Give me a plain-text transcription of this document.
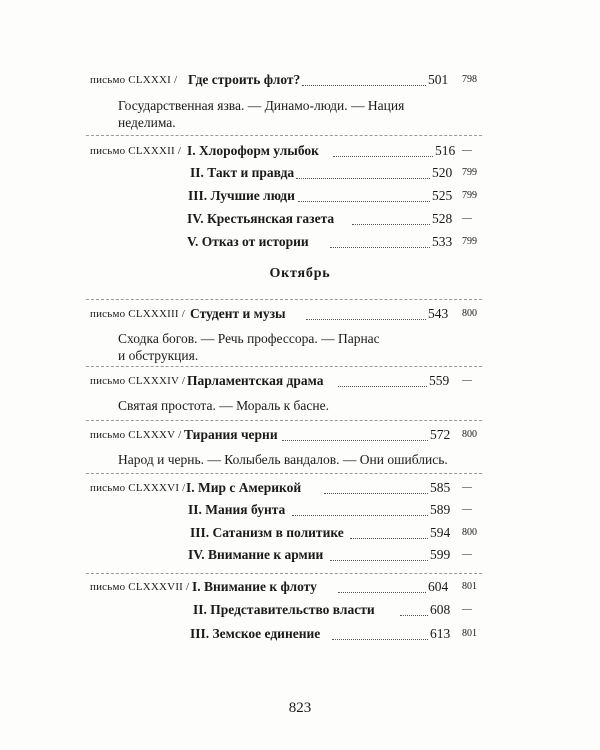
письмо CLXXXI / Где строить флот?	501 798
Государственная язва. — Динамо-люди. — Нация
неделима.
письмо CLXXXII / I. Хлороформ улыбок	516 —
II. Такт и правда	520 799
III. Лучшие люди	525 799
IV. Крестьянская газета	528 —
V. Отказ от истории	533 799
Октябрь
письмо CLXXXIII / Студент и музы	543 800
Сходка богов. — Речь профессора. — Парнас
и обструкция.
письмо CLXXXIV / Парламентская драма	559 —
Святая простота. — Мораль к басне.
письмо CLXXXV / Тирания черни	572 800
Народ и чернь. — Колыбель вандалов. — Они ошиблись.
письмо CLXXXVI / I. Мир с Америкой	585 —
II. Мания бунта	589 —
III. Сатанизм в политике	594 800
IV. Внимание к армии	599 —
письмо CLXXXVII / I. Внимание к флоту	604 801
II. Представительство власти	608 —
III. Земское единение	613 801
823
